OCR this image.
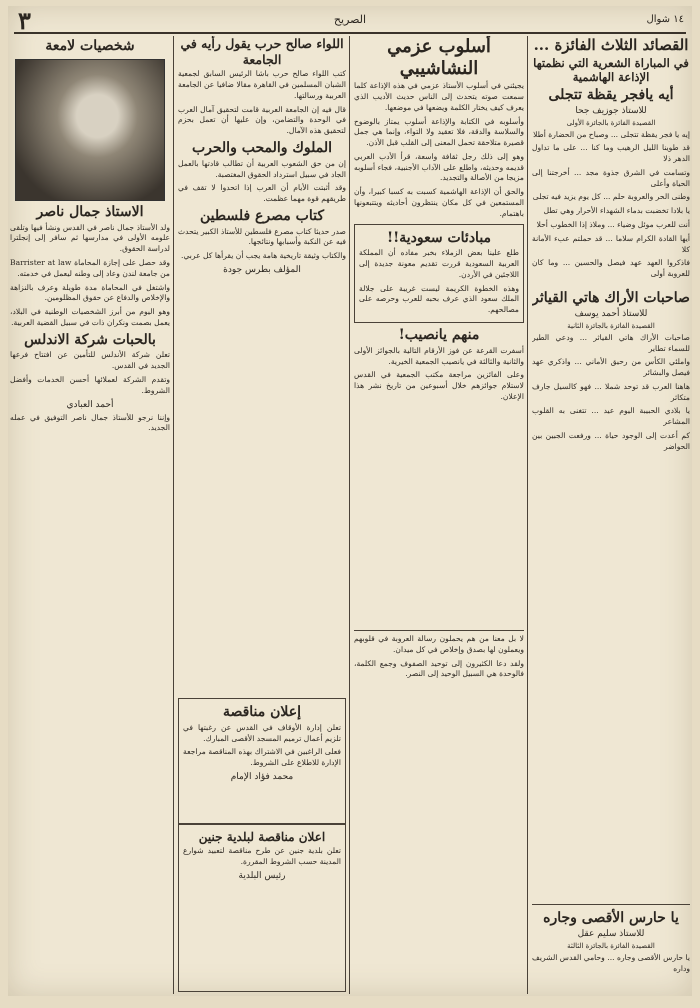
١٤ شوال
الصريح
٣
القصائد الثلاث الفائزة ...
في المباراة الشعرية التي نظمتها الإذاعة الهاشمية
أيه يافجر يقظة تتجلى
للاستاذ جوزيف جحا
القصيدة الفائزة بالجائزة الأولى

إيه يا فجر يقظة تتجلى ... وصباح من الحضارة أطلا

قد طوينا الليل الرهيب وما كنا ... على ما تداول الدهر ذلا

وتسامت في الشرق جذوة مجد ... أخرجتنا إلى الحياة وأعلى

وطنى الحر والعروبة حلم ... كل يوم يزيد فيه تجلى

يا بلادا تخضبت بدماء الشهداء الأحرار وهي تطل

أنت للعرب موئل وضياء ... وملاذ إذا الخطوب أحلا

أيها القادة الكرام سلاما ... قد حملتم عبء الأمانة كلا

فاذكروا العهد عهد فيصل والحسين ... وما كان للعروبة أولى

صاحبات الأراك هاتي القياثر
للاستاذ أحمد يوسف
القصيدة الفائزة بالجائزة الثانية

صاحبات الأراك هاتي القياثر ... ودعي الطير للسماء تطاير

واملئي الكأس من رحيق الأماني ... واذكري عهد فيصل والبشائر

هاهنا العرب قد توحد شملا ... فهو كالسيل جارف متكاثر

يا بلادي الحبيبة اليوم عيد ... تتغنى به القلوب المشاعر

كم أعدت إلى الوجود حياة ... ورفعت الجبين بين الحواضر

يا حارس الأقصى وجاره
للاستاذ سليم عقل
القصيدة الفائزة بالجائزة الثالثة

يا حارس الأقصى وجاره ... وحامي القدس الشريف وداره

أسلوب عزمي النشاشيبي

يجيئني في أسلوب الأستاذ عزمي في هذه الإذاعة كلما سمعت صوته يتحدث إلى الناس حديث الأديب الذي يعرف كيف يختار الكلمة ويضعها في موضعها.

وأسلوبه في الكتابة والإذاعة أسلوب يمتاز بالوضوح والسلاسة والدقة، فلا تعقيد ولا التواء، وإنما هي جمل قصيرة متلاحقة تحمل المعنى إلى القلب قبل الأذن.

وهو إلى ذلك رجل ثقافة واسعة، قرأ الأدب العربي قديمه وحديثه، واطلع على الآداب الأجنبية، فجاء أسلوبه مزيجا من الأصالة والتجديد.

والحق أن الإذاعة الهاشمية كسبت به كسبا كبيرا، وأن المستمعين في كل مكان ينتظرون أحاديثه ويتتبعونها باهتمام.

مبادئات سعودية!!

طلع علينا بعض الزملاء بخبر مفاده أن المملكة العربية السعودية قررت تقديم معونة جديدة إلى اللاجئين في الأردن.

وهذه الخطوة الكريمة ليست غريبة على جلالة الملك سعود الذي عرف بحبه للعرب وحرصه على مصالحهم.

منهم يانصيب!

أسفرت القرعة عن فوز الأرقام التالية بالجوائز الأولى والثانية والثالثة في يانصيب الجمعية الخيرية.

وعلى الفائزين مراجعة مكتب الجمعية في القدس لاستلام جوائزهم خلال أسبوعين من تاريخ نشر هذا الإعلان.

لا بل معنا من هم يحملون رسالة العروبة في قلوبهم ويعملون لها بصدق وإخلاص في كل ميدان.

ولقد دعا الكثيرون إلى توحيد الصفوف وجمع الكلمة، فالوحدة هي السبيل الوحيد إلى النصر.

اللواء صالح حرب يقول رأيه في الجامعة

كتب اللواء صالح حرب باشا الرئيس السابق لجمعية الشبان المسلمين في القاهرة مقالا ضافيا عن الجامعة العربية ورسالتها.

قال فيه إن الجامعة العربية قامت لتحقيق آمال العرب في الوحدة والتضامن، وإن عليها أن تعمل بحزم لتحقيق هذه الآمال.

الملوك والمحب والحرب

إن من حق الشعوب العربية أن تطالب قادتها بالعمل الجاد في سبيل استرداد الحقوق المغتصبة.

وقد أثبتت الأيام أن العرب إذا اتحدوا لا تقف في طريقهم قوة مهما عظمت.

كتاب مصرع فلسطين

صدر حديثا كتاب مصرع فلسطين للأستاذ الكبير يتحدث فيه عن النكبة وأسبابها ونتائجها.

والكتاب وثيقة تاريخية هامة يجب أن يقرأها كل عربي.

المؤلف بطرس جودة
إعلان مناقصة

تعلن إدارة الأوقاف في القدس عن رغبتها في تلزيم أعمال ترميم المسجد الأقصى المبارك.

فعلى الراغبين في الاشتراك بهذه المناقصة مراجعة الإدارة للاطلاع على الشروط.

محمد فؤاد الإمام
اعلان مناقصة لبلدية جنين

تعلن بلدية جنين عن طرح مناقصة لتعبيد شوارع المدينة حسب الشروط المقررة.

رئيس البلدية
شخصيات لامعة
الاستاذ جمال ناصر

ولد الأستاذ جمال ناصر في القدس ونشأ فيها وتلقى علومه الأولى في مدارسها ثم سافر إلى إنجلترا لدراسة الحقوق.

وقد حصل على إجازة المحاماة Barrister at law من جامعة لندن وعاد إلى وطنه ليعمل في خدمته.

واشتغل في المحاماة مدة طويلة وعرف بالنزاهة والإخلاص والدفاع عن حقوق المظلومين.

وهو اليوم من أبرز الشخصيات الوطنية في البلاد، يعمل بصمت ونكران ذات في سبيل القضية العربية.

بالحبات شركة الاندلس

تعلن شركة الأندلس للتأمين عن افتتاح فرعها الجديد في القدس.

وتقدم الشركة لعملائها أحسن الخدمات وأفضل الشروط.

أحمد العبادي

وإننا نرجو للأستاذ جمال ناصر التوفيق في عمله الجديد.
